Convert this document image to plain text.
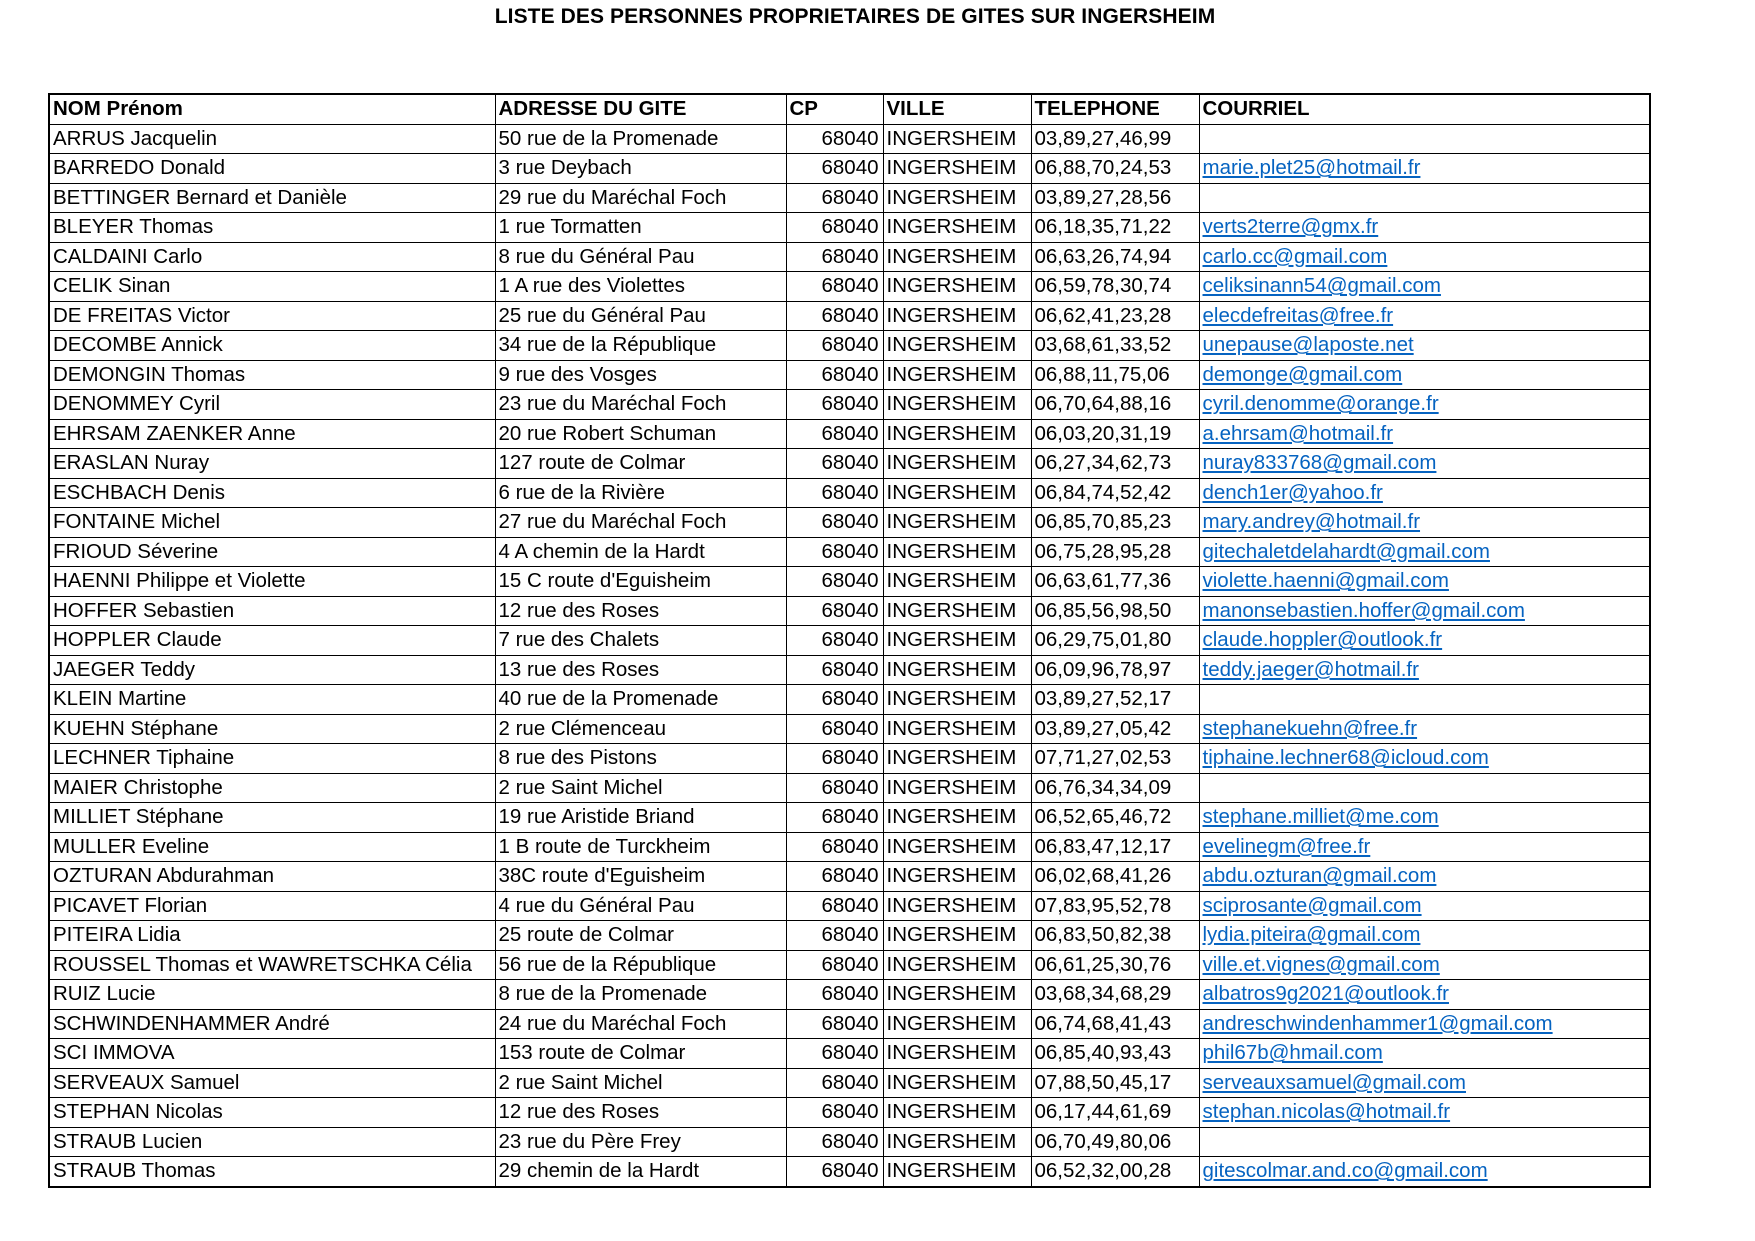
LISTE DES PERSONNES PROPRIETAIRES DE GITES SUR INGERSHEIM
NOM Prénom	ADRESSE DU GITE	CP	VILLE	TELEPHONE	COURRIEL
ARRUS Jacquelin	50 rue de la Promenade	68040	INGERSHEIM	03,89,27,46,99	
BARREDO Donald	3 rue Deybach	68040	INGERSHEIM	06,88,70,24,53	marie.plet25@hotmail.fr
BETTINGER Bernard et Danièle	29 rue du Maréchal Foch	68040	INGERSHEIM	03,89,27,28,56	
BLEYER Thomas	1 rue Tormatten	68040	INGERSHEIM	06,18,35,71,22	verts2terre@gmx.fr
CALDAINI Carlo	8 rue du Général Pau	68040	INGERSHEIM	06,63,26,74,94	carlo.cc@gmail.com
CELIK Sinan	1 A rue des Violettes	68040	INGERSHEIM	06,59,78,30,74	celiksinann54@gmail.com
DE FREITAS Victor	25 rue du Général Pau	68040	INGERSHEIM	06,62,41,23,28	elecdefreitas@free.fr
DECOMBE Annick	34 rue de la République	68040	INGERSHEIM	03,68,61,33,52	unepause@laposte.net
DEMONGIN Thomas	9 rue des Vosges	68040	INGERSHEIM	06,88,11,75,06	demonge@gmail.com
DENOMMEY Cyril	23 rue du Maréchal Foch	68040	INGERSHEIM	06,70,64,88,16	cyril.denomme@orange.fr
EHRSAM ZAENKER Anne	20 rue Robert Schuman	68040	INGERSHEIM	06,03,20,31,19	a.ehrsam@hotmail.fr
ERASLAN Nuray	127 route de Colmar	68040	INGERSHEIM	06,27,34,62,73	nuray833768@gmail.com
ESCHBACH Denis	6 rue de la Rivière	68040	INGERSHEIM	06,84,74,52,42	dench1er@yahoo.fr
FONTAINE Michel	27 rue du Maréchal Foch	68040	INGERSHEIM	06,85,70,85,23	mary.andrey@hotmail.fr
FRIOUD Séverine	4 A chemin de la Hardt	68040	INGERSHEIM	06,75,28,95,28	gitechaletdelahardt@gmail.com
HAENNI Philippe et Violette	15 C route d'Eguisheim	68040	INGERSHEIM	06,63,61,77,36	violette.haenni@gmail.com
HOFFER Sebastien	12 rue des Roses	68040	INGERSHEIM	06,85,56,98,50	manonsebastien.hoffer@gmail.com
HOPPLER Claude	7 rue des Chalets	68040	INGERSHEIM	06,29,75,01,80	claude.hoppler@outlook.fr
JAEGER Teddy	13 rue des Roses	68040	INGERSHEIM	06,09,96,78,97	teddy.jaeger@hotmail.fr
KLEIN Martine	40 rue de la Promenade	68040	INGERSHEIM	03,89,27,52,17	
KUEHN Stéphane	2 rue Clémenceau	68040	INGERSHEIM	03,89,27,05,42	stephanekuehn@free.fr
LECHNER Tiphaine	8 rue des Pistons	68040	INGERSHEIM	07,71,27,02,53	tiphaine.lechner68@icloud.com
MAIER Christophe	2 rue Saint Michel	68040	INGERSHEIM	06,76,34,34,09	
MILLIET Stéphane	19 rue Aristide Briand	68040	INGERSHEIM	06,52,65,46,72	stephane.milliet@me.com
MULLER Eveline	1 B route de Turckheim	68040	INGERSHEIM	06,83,47,12,17	evelinegm@free.fr
OZTURAN Abdurahman	38C route d'Eguisheim	68040	INGERSHEIM	06,02,68,41,26	abdu.ozturan@gmail.com
PICAVET Florian	4 rue du Général Pau	68040	INGERSHEIM	07,83,95,52,78	sciprosante@gmail.com
PITEIRA Lidia	25 route de Colmar	68040	INGERSHEIM	06,83,50,82,38	lydia.piteira@gmail.com
ROUSSEL Thomas et WAWRETSCHKA Célia	56 rue de la République	68040	INGERSHEIM	06,61,25,30,76	ville.et.vignes@gmail.com
RUIZ Lucie	8 rue de la Promenade	68040	INGERSHEIM	03,68,34,68,29	albatros9g2021@outlook.fr
SCHWINDENHAMMER André	24 rue du Maréchal Foch	68040	INGERSHEIM	06,74,68,41,43	andreschwindenhammer1@gmail.com
SCI IMMOVA	153 route de Colmar	68040	INGERSHEIM	06,85,40,93,43	phil67b@hmail.com
SERVEAUX Samuel	2 rue Saint Michel	68040	INGERSHEIM	07,88,50,45,17	serveauxsamuel@gmail.com
STEPHAN Nicolas	12 rue des Roses	68040	INGERSHEIM	06,17,44,61,69	stephan.nicolas@hotmail.fr
STRAUB Lucien	23 rue du Père Frey	68040	INGERSHEIM	06,70,49,80,06	
STRAUB Thomas	29 chemin de la Hardt	68040	INGERSHEIM	06,52,32,00,28	gitescolmar.and.co@gmail.com
